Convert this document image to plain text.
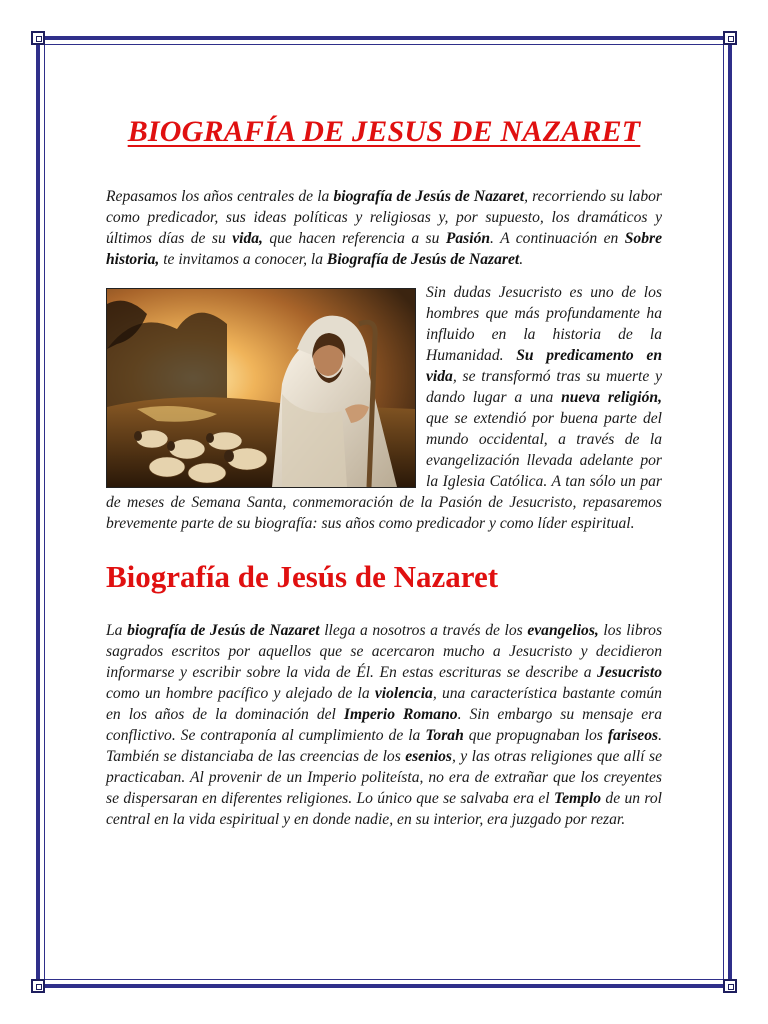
BIOGRAFÍA DE JESUS DE NAZARET

Repasamos los años centrales de la biografía de Jesús de Nazaret, recorriendo su labor como predicador, sus ideas políticas y religiosas y, por supuesto, los dramáticos y últimos días de su vida, que hacen referencia a su Pasión. A continuación en Sobre historia, te invitamos a conocer, la Biografía de Jesús de Nazaret.

Sin dudas Jesucristo es uno de los hombres que más profundamente ha influido en la historia de la Humanidad. Su predicamento en vida, se transformó tras su muerte y dando lugar a una nueva religión, que se extendió por buena parte del mundo occidental, a través de la evangelización llevada adelante por la Iglesia Católica. A tan sólo un par de meses de Semana Santa, conmemoración de la Pasión de Jesucristo, repasaremos brevemente parte de su biografía: sus años como predicador y como líder espiritual.

Biografía de Jesús de Nazaret

La biografía de Jesús de Nazaret llega a nosotros a través de los evangelios, los libros sagrados escritos por aquellos que se acercaron mucho a Jesucristo y decidieron informarse y escribir sobre la vida de Él. En estas escrituras se describe a Jesucristo como un hombre pacífico y alejado de la violencia, una característica bastante común en los años de la dominación del Imperio Romano. Sin embargo su mensaje era conflictivo. Se contraponía al cumplimiento de la Torah que propugnaban los fariseos. También se distanciaba de las creencias de los esenios, y las otras religiones que allí se practicaban. Al provenir de un Imperio politeísta, no era de extrañar que los creyentes se dispersaran en diferentes religiones. Lo único que se salvaba era el Templo de un rol central en la vida espiritual y en donde nadie, en su interior, era juzgado por rezar.
